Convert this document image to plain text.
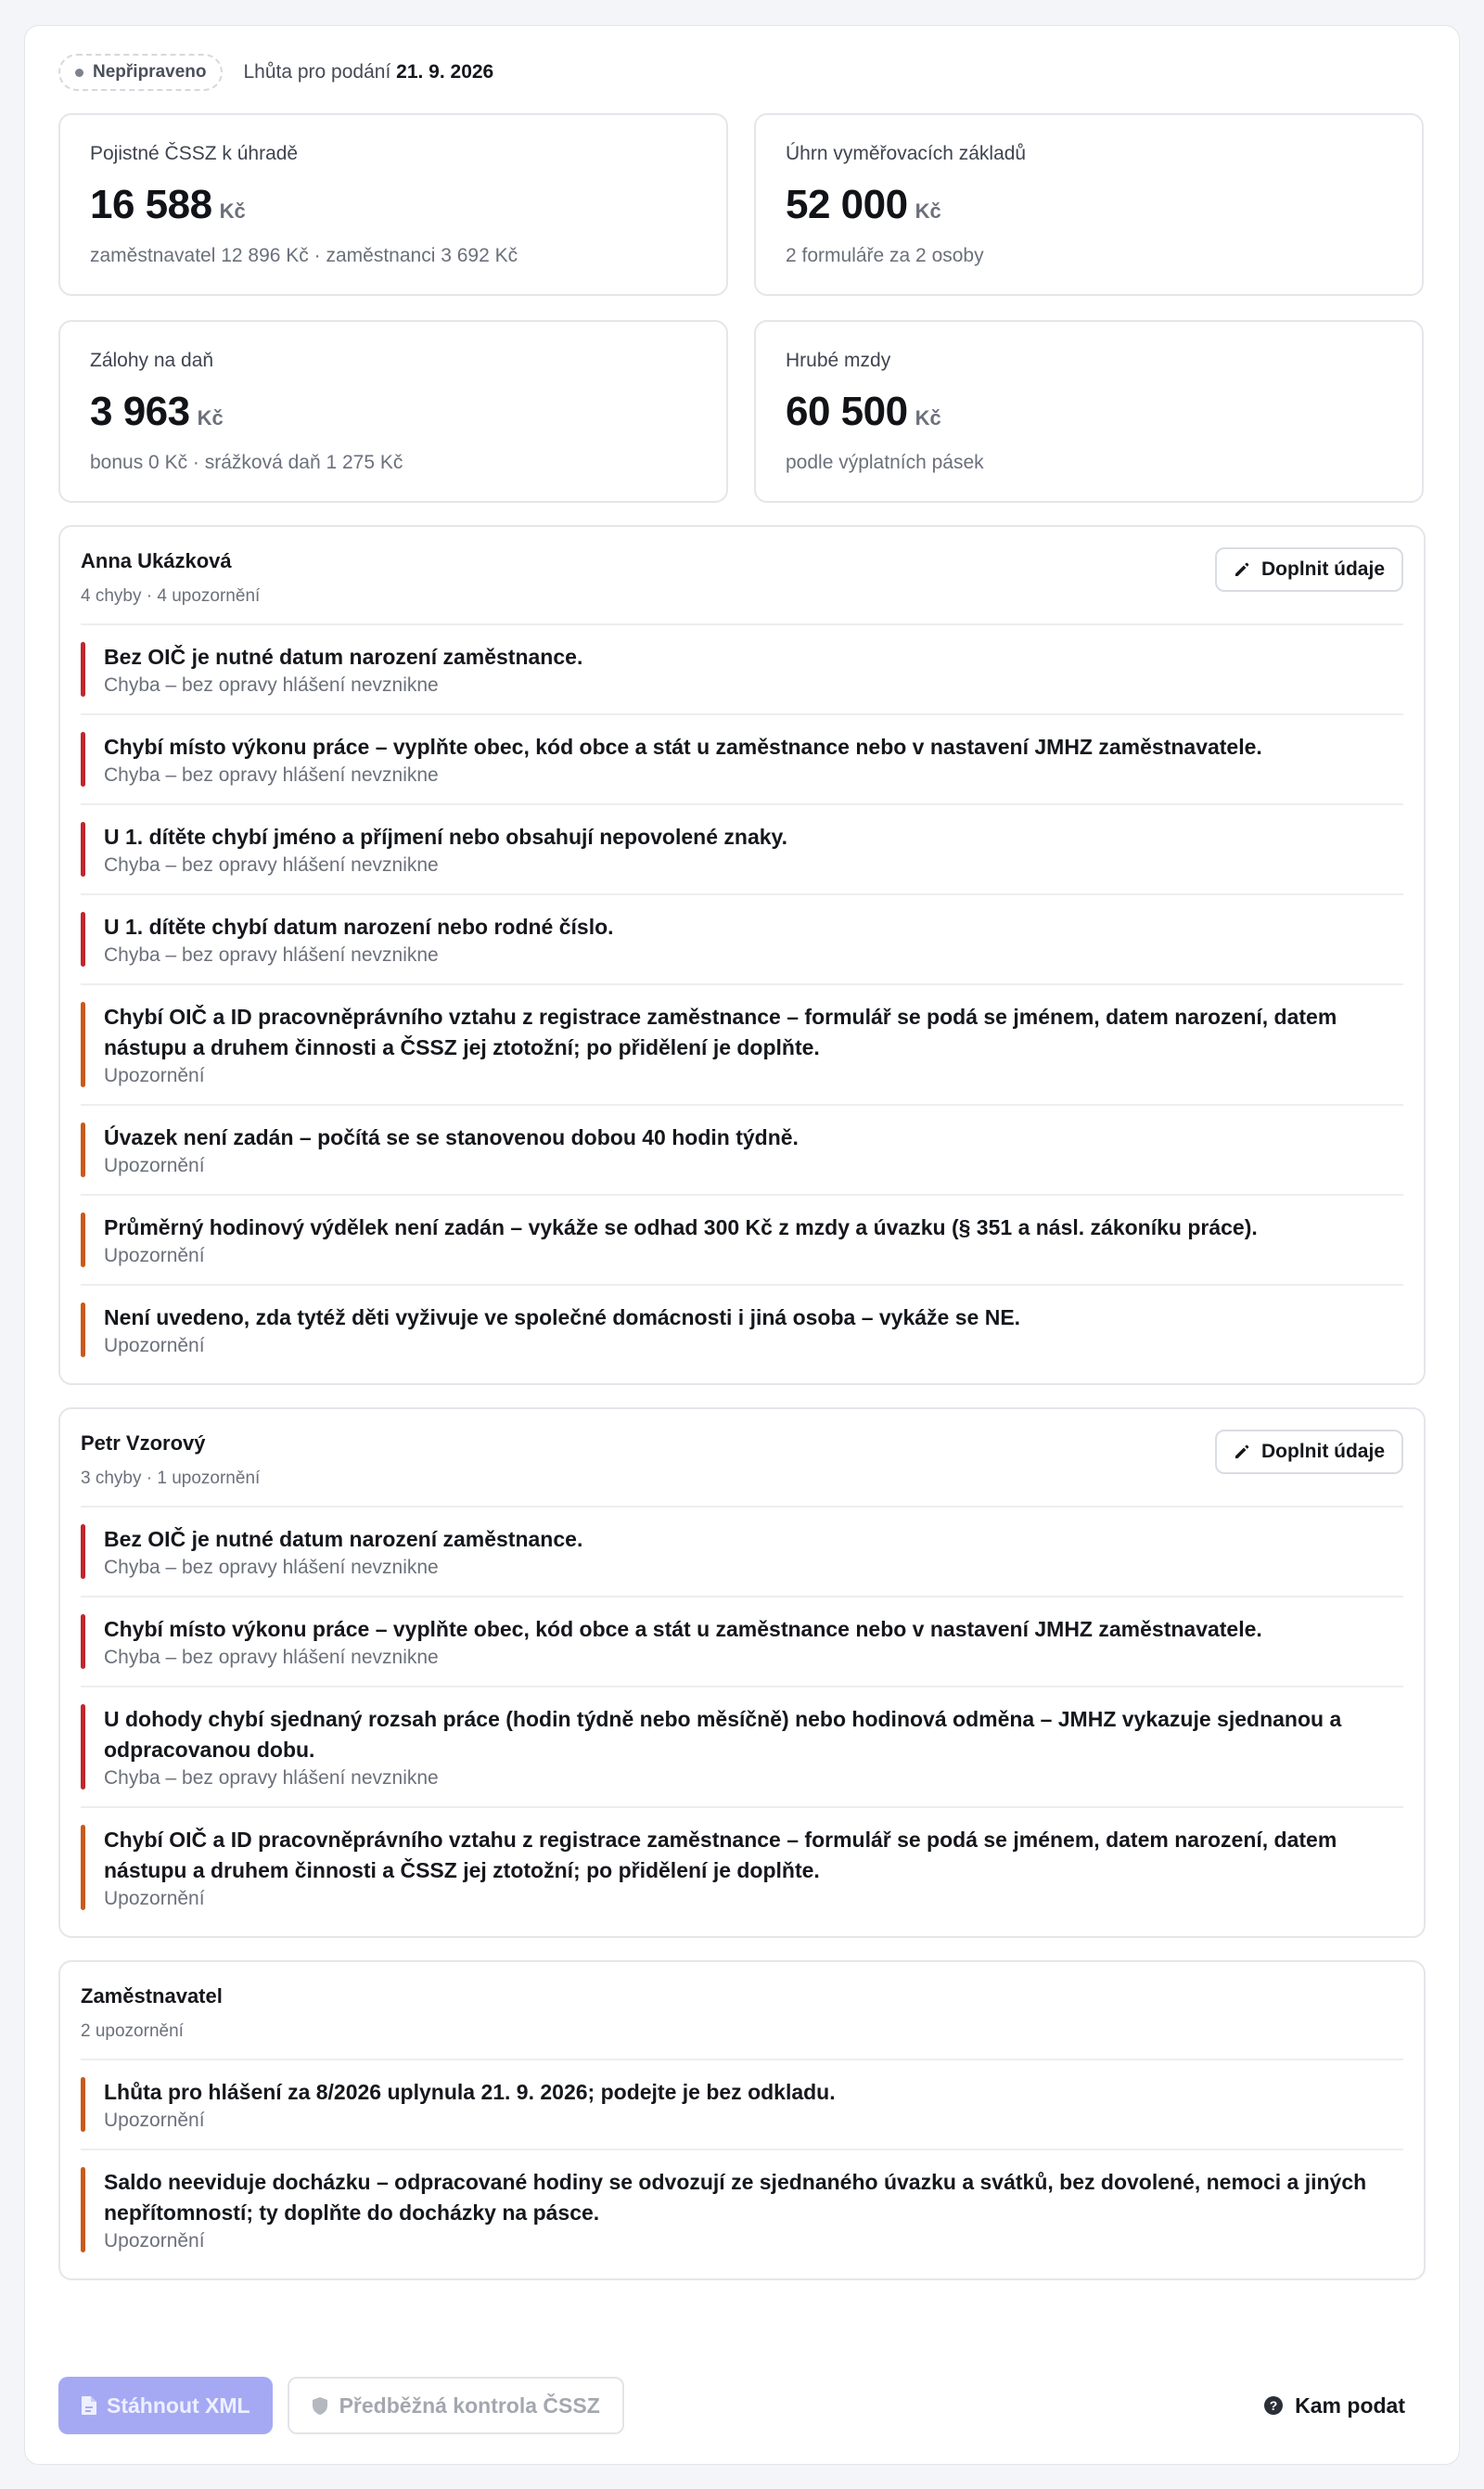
Nepřipraveno Lhůta pro podání 21. 9. 2026
Pojistné ČSSZ k úhradě
16 588 Kč
zaměstnavatel 12 896 Kč · zaměstnanci 3 692 Kč
Úhrn vyměřovacích základů
52 000 Kč
2 formuláře za 2 osoby
Zálohy na daň
3 963 Kč
bonus 0 Kč · srážková daň 1 275 Kč
Hrubé mzdy
60 500 Kč
podle výplatních pásek
Anna Ukázková
4 chyby · 4 upozornění
Doplnit údaje
Bez OIČ je nutné datum narození zaměstnance.
Chyba – bez opravy hlášení nevznikne
Chybí místo výkonu práce – vyplňte obec, kód obce a stát u zaměstnance nebo v nastavení JMHZ zaměstnavatele.
Chyba – bez opravy hlášení nevznikne
U 1. dítěte chybí jméno a příjmení nebo obsahují nepovolené znaky.
Chyba – bez opravy hlášení nevznikne
U 1. dítěte chybí datum narození nebo rodné číslo.
Chyba – bez opravy hlášení nevznikne
Chybí OIČ a ID pracovněprávního vztahu z registrace zaměstnance – formulář se podá se jménem, datem narození, datem nástupu a druhem činnosti a ČSSZ jej ztotožní; po přidělení je doplňte.
Upozornění
Úvazek není zadán – počítá se se stanovenou dobou 40 hodin týdně.
Upozornění
Průměrný hodinový výdělek není zadán – vykáže se odhad 300 Kč z mzdy a úvazku (§ 351 a násl. zákoníku práce).
Upozornění
Není uvedeno, zda tytéž děti vyživuje ve společné domácnosti i jiná osoba – vykáže se NE.
Upozornění
Petr Vzorový
3 chyby · 1 upozornění
Doplnit údaje
Bez OIČ je nutné datum narození zaměstnance.
Chyba – bez opravy hlášení nevznikne
Chybí místo výkonu práce – vyplňte obec, kód obce a stát u zaměstnance nebo v nastavení JMHZ zaměstnavatele.
Chyba – bez opravy hlášení nevznikne
U dohody chybí sjednaný rozsah práce (hodin týdně nebo měsíčně) nebo hodinová odměna – JMHZ vykazuje sjednanou a odpracovanou dobu.
Chyba – bez opravy hlášení nevznikne
Chybí OIČ a ID pracovněprávního vztahu z registrace zaměstnance – formulář se podá se jménem, datem narození, datem nástupu a druhem činnosti a ČSSZ jej ztotožní; po přidělení je doplňte.
Upozornění
Zaměstnavatel
2 upozornění
Lhůta pro hlášení za 8/2026 uplynula 21. 9. 2026; podejte je bez odkladu.
Upozornění
Saldo neeviduje docházku – odpracované hodiny se odvozují ze sjednaného úvazku a svátků, bez dovolené, nemoci a jiných nepřítomností; ty doplňte do docházky na pásce.
Upozornění
Stáhnout XML	Předběžná kontrola ČSSZ	? Kam podat
